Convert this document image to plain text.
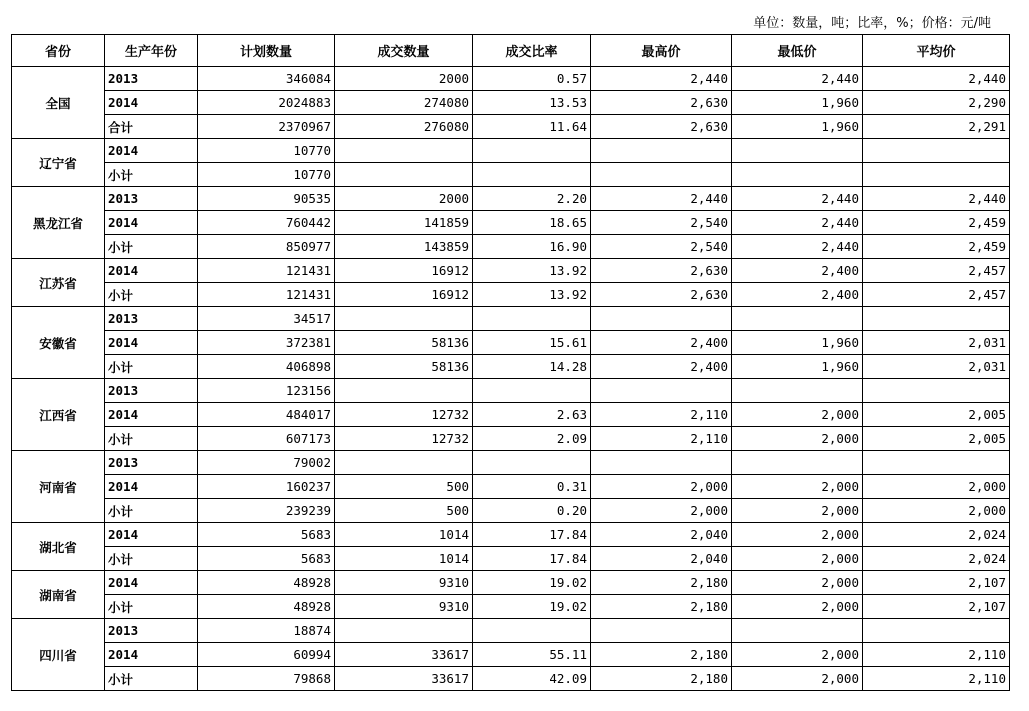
单位：数量，吨；比率，%；价格：元/吨
省份	生产年份	计划数量	成交数量	成交比率	最高价	最低价	平均价
全国	2013	346084	2000	0.57	2,440	2,440	2,440
	2014	2024883	274080	13.53	2,630	1,960	2,290
	合计	2370967	276080	11.64	2,630	1,960	2,291
辽宁省	2014	10770					
	小计	10770					
黑龙江省	2013	90535	2000	2.20	2,440	2,440	2,440
	2014	760442	141859	18.65	2,540	2,440	2,459
	小计	850977	143859	16.90	2,540	2,440	2,459
江苏省	2014	121431	16912	13.92	2,630	2,400	2,457
	小计	121431	16912	13.92	2,630	2,400	2,457
安徽省	2013	34517					
	2014	372381	58136	15.61	2,400	1,960	2,031
	小计	406898	58136	14.28	2,400	1,960	2,031
江西省	2013	123156					
	2014	484017	12732	2.63	2,110	2,000	2,005
	小计	607173	12732	2.09	2,110	2,000	2,005
河南省	2013	79002					
	2014	160237	500	0.31	2,000	2,000	2,000
	小计	239239	500	0.20	2,000	2,000	2,000
湖北省	2014	5683	1014	17.84	2,040	2,000	2,024
	小计	5683	1014	17.84	2,040	2,000	2,024
湖南省	2014	48928	9310	19.02	2,180	2,000	2,107
	小计	48928	9310	19.02	2,180	2,000	2,107
四川省	2013	18874					
	2014	60994	33617	55.11	2,180	2,000	2,110
	小计	79868	33617	42.09	2,180	2,000	2,110
